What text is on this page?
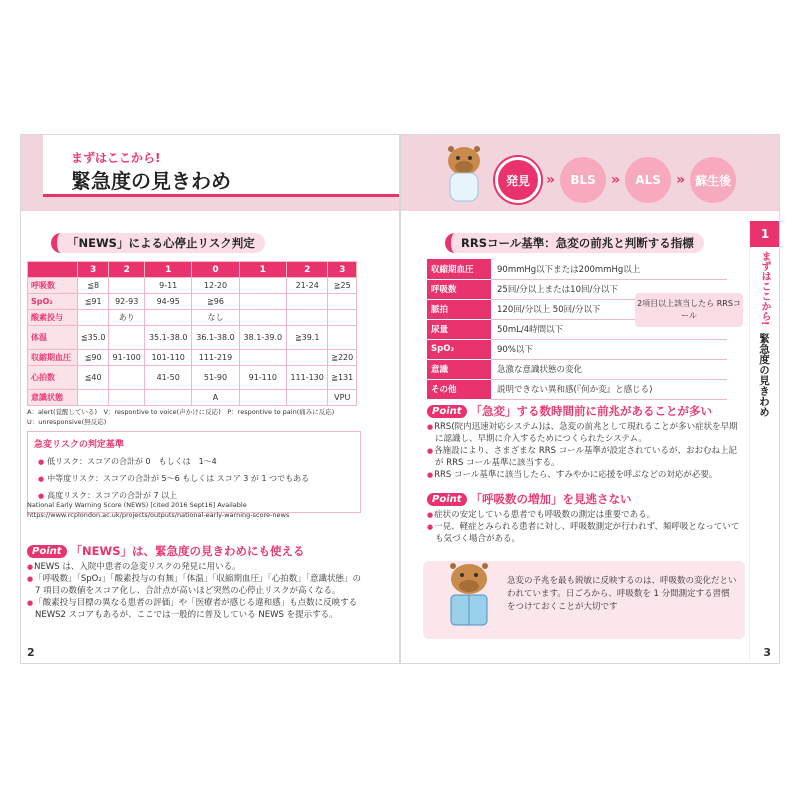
まずはここから!
緊急度の見きわめ
「NEWS」による心停止リスク判定
	3	2	1	0	1	2	3
呼吸数	≦8		9-11	12-20		21-24	≧25
SpO₂	≦91	92-93	94-95	≧96			
酸素投与		あり		なし			
体温	≦35.0		35.1-38.0	36.1-38.0	38.1-39.0	≧39.1	
収縮期血圧	≦90	91-100	101-110	111-219			≧220
心拍数	≦40		41-50	51-90	91-110	111-130	≧131
意識状態				A			VPU
A：alert(覚醒している)　V：respontive to voice(声かけに反応)　P：respontive to pain(痛みに反応)
U：unresponsive(無反応)
急変リスクの判定基準
● 低リスク：スコアの合計が 0　もしくは　1〜4
● 中等度リスク：スコアの合計が 5〜6 もしくは スコア 3 が 1 つでもある
● 高度リスク：スコアの合計が 7 以上
National Early Warning Score (NEWS) [cited 2016 Sept16] Available
https://www.rcplondon.ac.uk/projects/outputs/national-early-warning-score-news
Point 「NEWS」は、緊急度の見きわめにも使える

● NEWS は、入院中患者の急変リスクの発見に用いる。

● 「呼吸数」「SpO₂」「酸素投与の有無」「体温」「収縮期血圧」「心拍数」「意識状態」の 7 項目の数値をスコア化し、合計点が高いほど突然の心停止リスクが高くなる。

● 「酸素投与目標の異なる患者の評価」や「医療者が感じる違和感」も点数に反映する NEWS2 スコアもあるが、ここでは一般的に普及している NEWS を提示する。

2
発見	»	BLS	»	ALS	» 蘇生後
1
まずはここから!
緊急度の見きわめ
RRSコール基準：急変の前兆と判断する指標
収縮期血圧	90mmHg以下または200mmHg以上
呼吸数	25回/分以上または10回/分以下
脈拍	120回/分以上 50回/分以下
尿量	50mL/4時間以下
SpO₂	90%以下
意識	急激な意識状態の変化
その他	説明できない異和感(『何か変』と感じる)
2項目以上該当したら RRSコール
Point 「急変」する数時間前に前兆があることが多い

● RRS(院内迅速対応システム)は、急変の前兆として現れることが多い症状を早期に認識し、早期に介入するためにつくられたシステム。

● 各施設により、さまざまな RRS コール基準が設定されているが、おおむね上記が RRS コール基準に該当する。

● RRS コール基準に該当したら、すみやかに応援を呼ぶなどの対応が必要。

Point 「呼吸数の増加」を見逃さない

● 症状の安定している患者でも呼吸数の測定は重要である。

● 一見、軽症とみられる患者に対し、呼吸数測定が行われず、頻呼吸となっていても気づく場合がある。

急変の予兆を最も鋭敏に反映するのは、呼吸数の変化だといわれています。日ごろから、呼吸数を 1 分間測定する習慣をつけておくことが大切です
3
